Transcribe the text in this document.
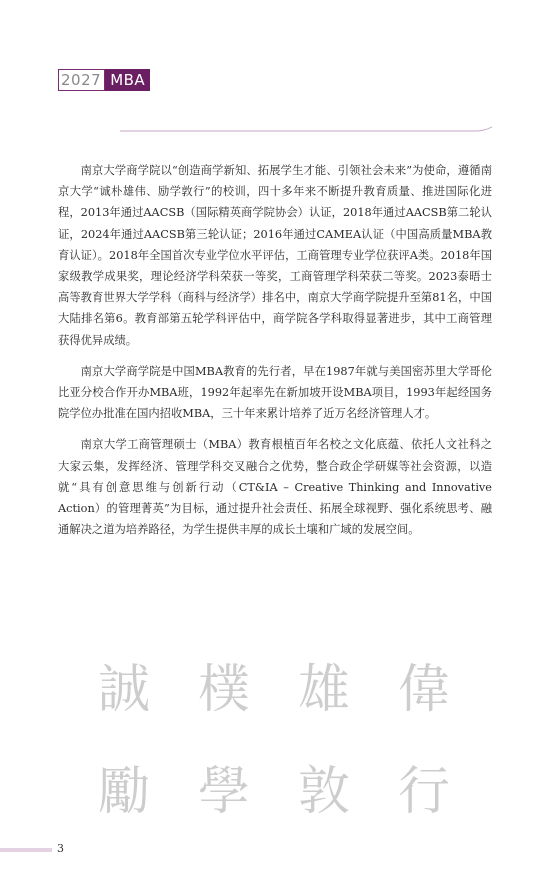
2027 MBA

南京大学商学院以“创造商学新知、拓展学生才能、引领社会未来”为使命，遵循南京大学“诚朴雄伟、励学敦行”的校训，四十多年来不断提升教育质量、推进国际化进程，2013年通过AACSB（国际精英商学院协会）认证，2018年通过AACSB第二轮认证，2024年通过AACSB第三轮认证；2016年通过CAMEA认证（中国高质量MBA教育认证）。2018年全国首次专业学位水平评估，工商管理专业学位获评A类。2018年国家级教学成果奖，理论经济学科荣获一等奖，工商管理学科荣获二等奖。2023泰晤士高等教育世界大学学科（商科与经济学）排名中，南京大学商学院提升至第81名，中国大陆排名第6。教育部第五轮学科评估中，商学院各学科取得显著进步，其中工商管理获得优异成绩。

南京大学商学院是中国MBA教育的先行者，早在1987年就与美国密苏里大学哥伦比亚分校合作开办MBA班，1992年起率先在新加坡开设MBA项目，1993年起经国务院学位办批准在国内招收MBA，三十年来累计培养了近万名经济管理人才。

南京大学工商管理硕士（MBA）教育根植百年名校之文化底蕴、依托人文社科之大家云集，发挥经济、管理学科交叉融合之优势，整合政企学研媒等社会资源，以造就“具有创意思维与创新行动（CT&IA – Creative Thinking and Innovative Action）的管理菁英”为目标，通过提升社会责任、拓展全球视野、强化系统思考、融通解决之道为培养路径，为学生提供丰厚的成长土壤和广域的发展空间。

誠 樸 雄 偉
勵 學 敦 行
3
